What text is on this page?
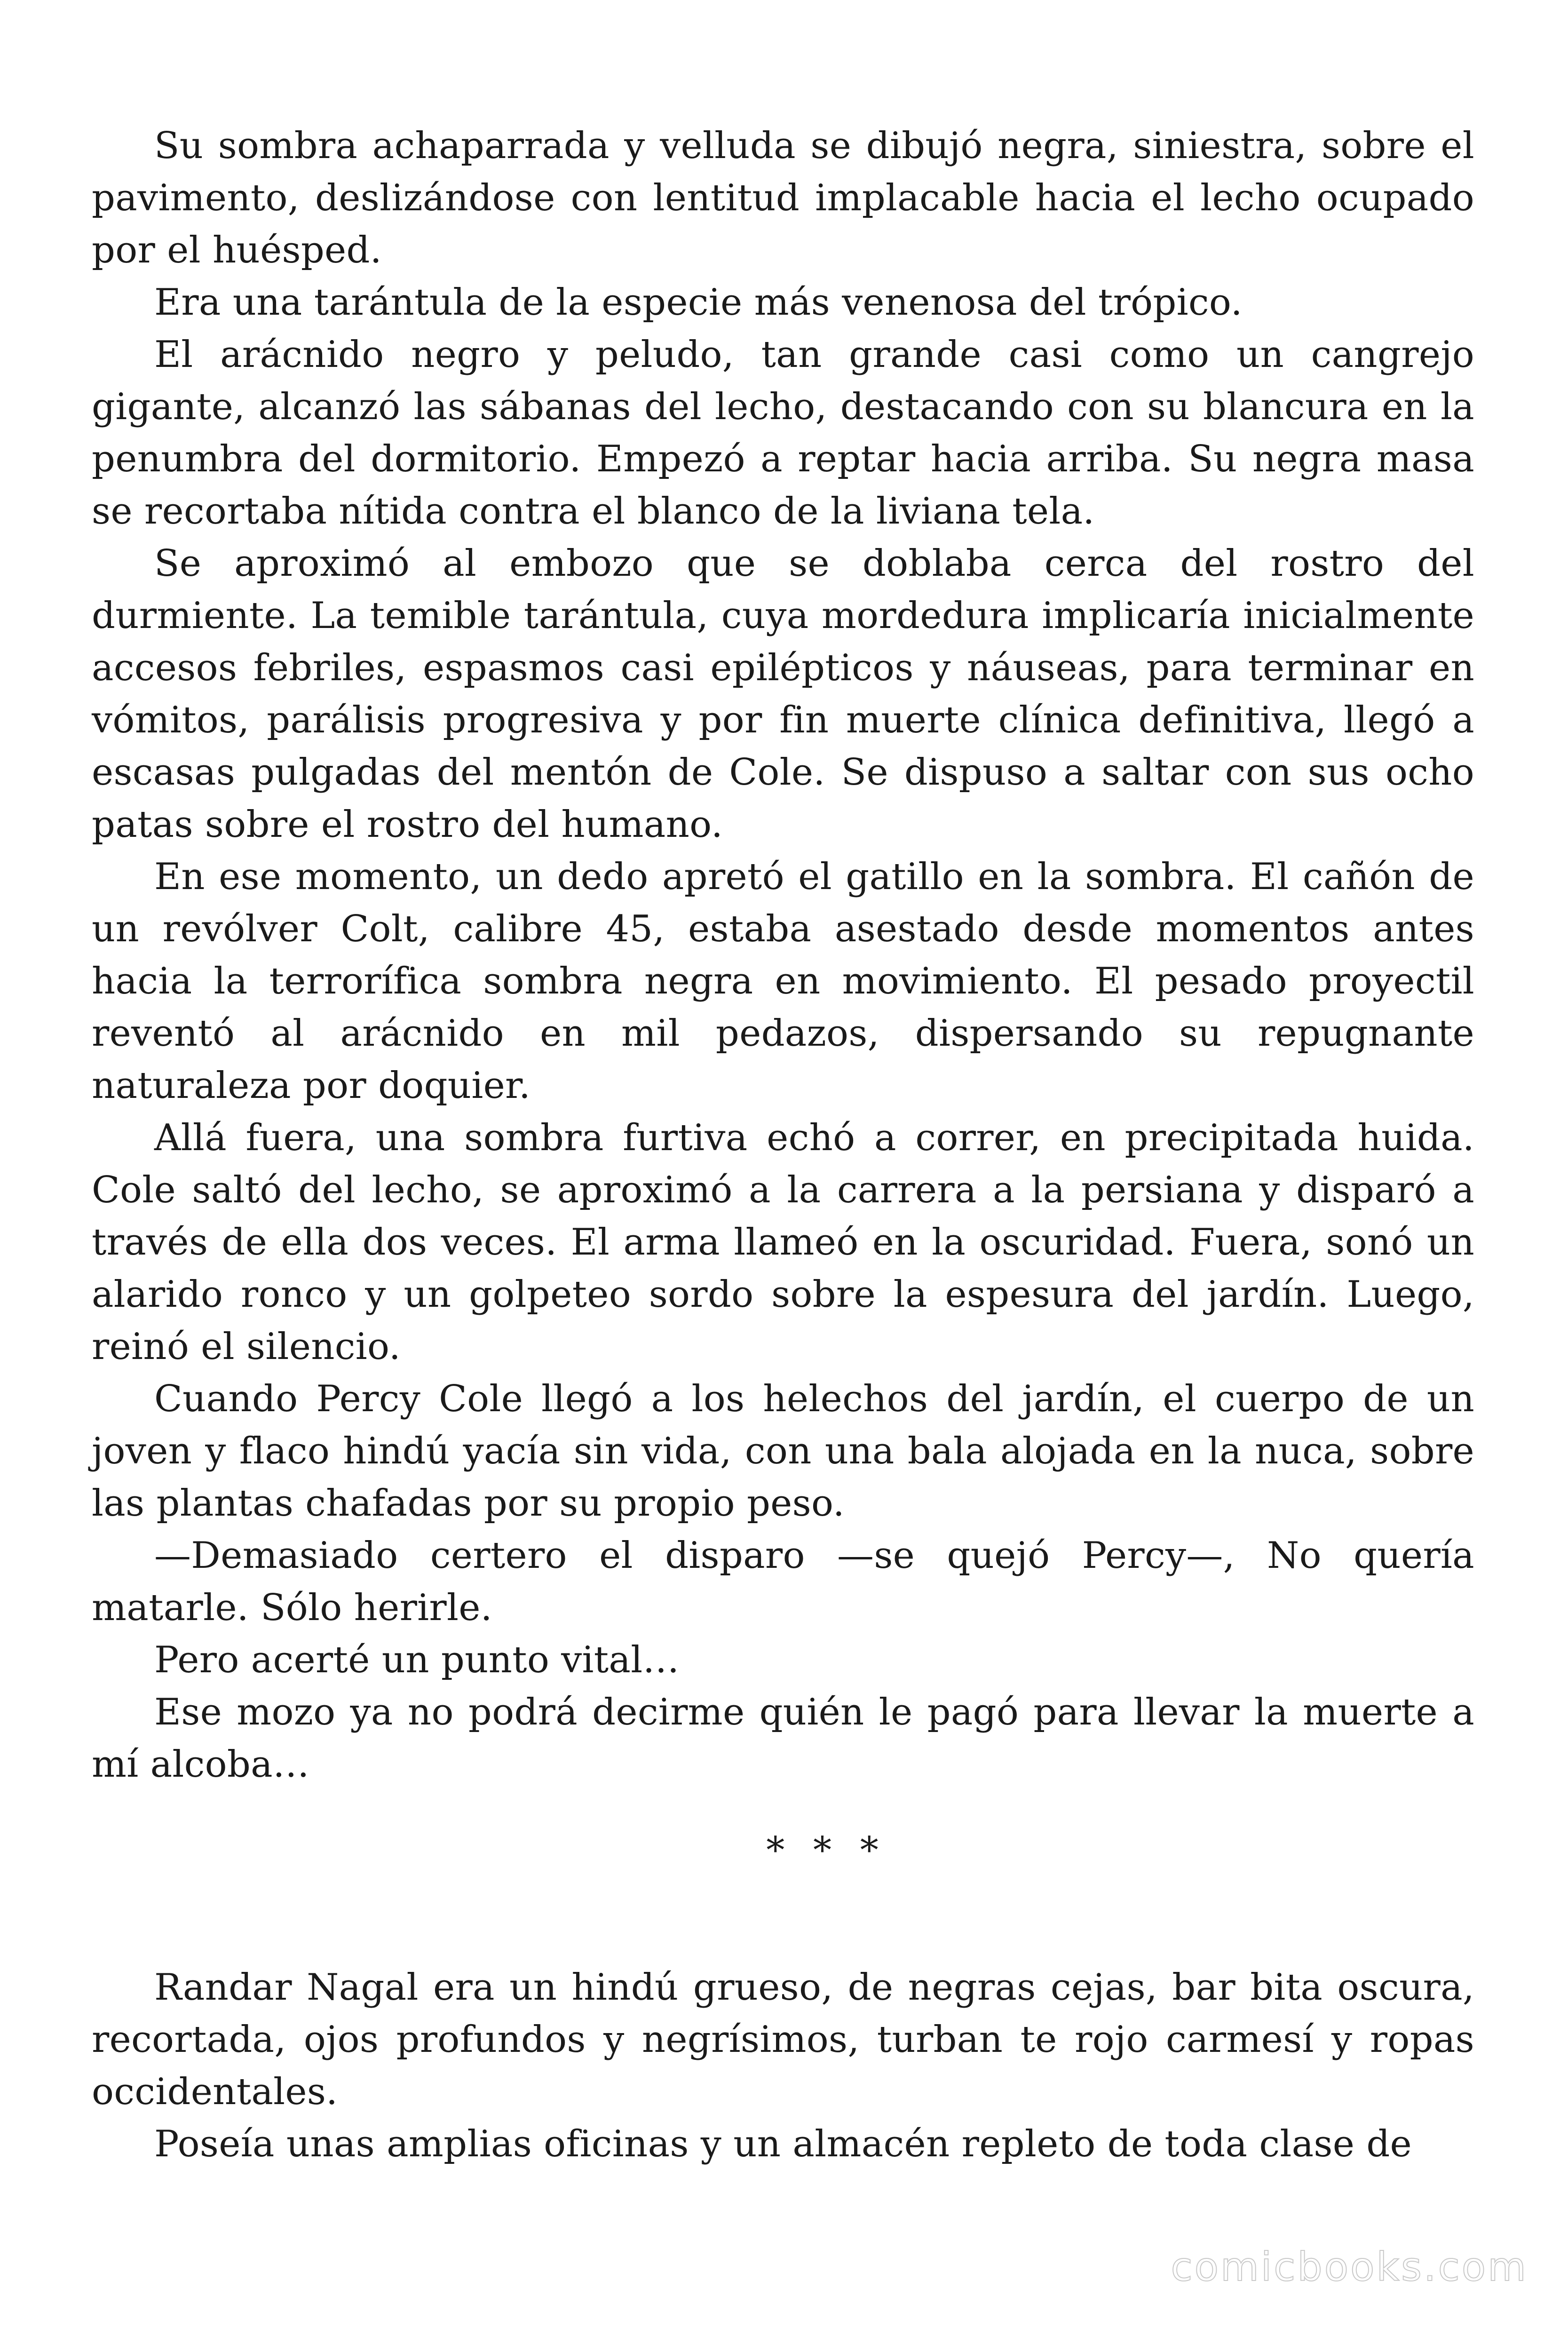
Su sombra achaparrada y velluda se dibujó negra, siniestra, sobre el pavimento, deslizándose con lentitud implacable hacia el lecho ocupado por el huésped.

Era una tarántula de la especie más venenosa del trópico.

El arácnido negro y peludo, tan grande casi como un cangrejo gigante, alcanzó las sábanas del lecho, destacando con su blancura en la penumbra del dormitorio. Empezó a reptar hacia arriba. Su negra masa se recortaba nítida contra el blanco de la liviana tela.

Se aproximó al embozo que se doblaba cerca del rostro del durmiente. La temible tarántula, cuya mordedura implicaría inicialmente accesos febriles, espasmos casi epilépticos y náuseas, para terminar en vómitos, parálisis progresiva y por fin muerte clínica definitiva, llegó a escasas pulgadas del mentón de Cole. Se dispuso a saltar con sus ocho patas sobre el rostro del humano.

En ese momento, un dedo apretó el gatillo en la sombra. El cañón de un revólver Colt, calibre 45, estaba asestado desde momentos antes hacia la terrorífica sombra negra en movimiento. El pesado proyectil reventó al arácnido en mil pedazos, dispersando su repugnante naturaleza por doquier.

Allá fuera, una sombra furtiva echó a correr, en precipitada huida. Cole saltó del lecho, se aproximó a la carrera a la persiana y disparó a través de ella dos veces. El arma llameó en la oscuridad. Fuera, sonó un alarido ronco y un golpeteo sordo sobre la espesura del jardín. Luego, reinó el silencio.

Cuando Percy Cole llegó a los helechos del jardín, el cuerpo de un joven y flaco hindú yacía sin vida, con una bala alojada en la nuca, sobre las plantas chafadas por su propio peso.

—Demasiado certero el disparo —se quejó Percy—, No quería matarle. Sólo herirle.

Pero acerté un punto vital…

Ese mozo ya no podrá decirme quién le pagó para llevar la muerte a mí alcoba…

* * *

Randar Nagal era un hindú grueso, de negras cejas, bar bita oscura, recortada, ojos profundos y negrísimos, turban te rojo carmesí y ropas occidentales.

Poseía unas amplias oficinas y un almacén repleto de toda clase de

comicbooks.com
